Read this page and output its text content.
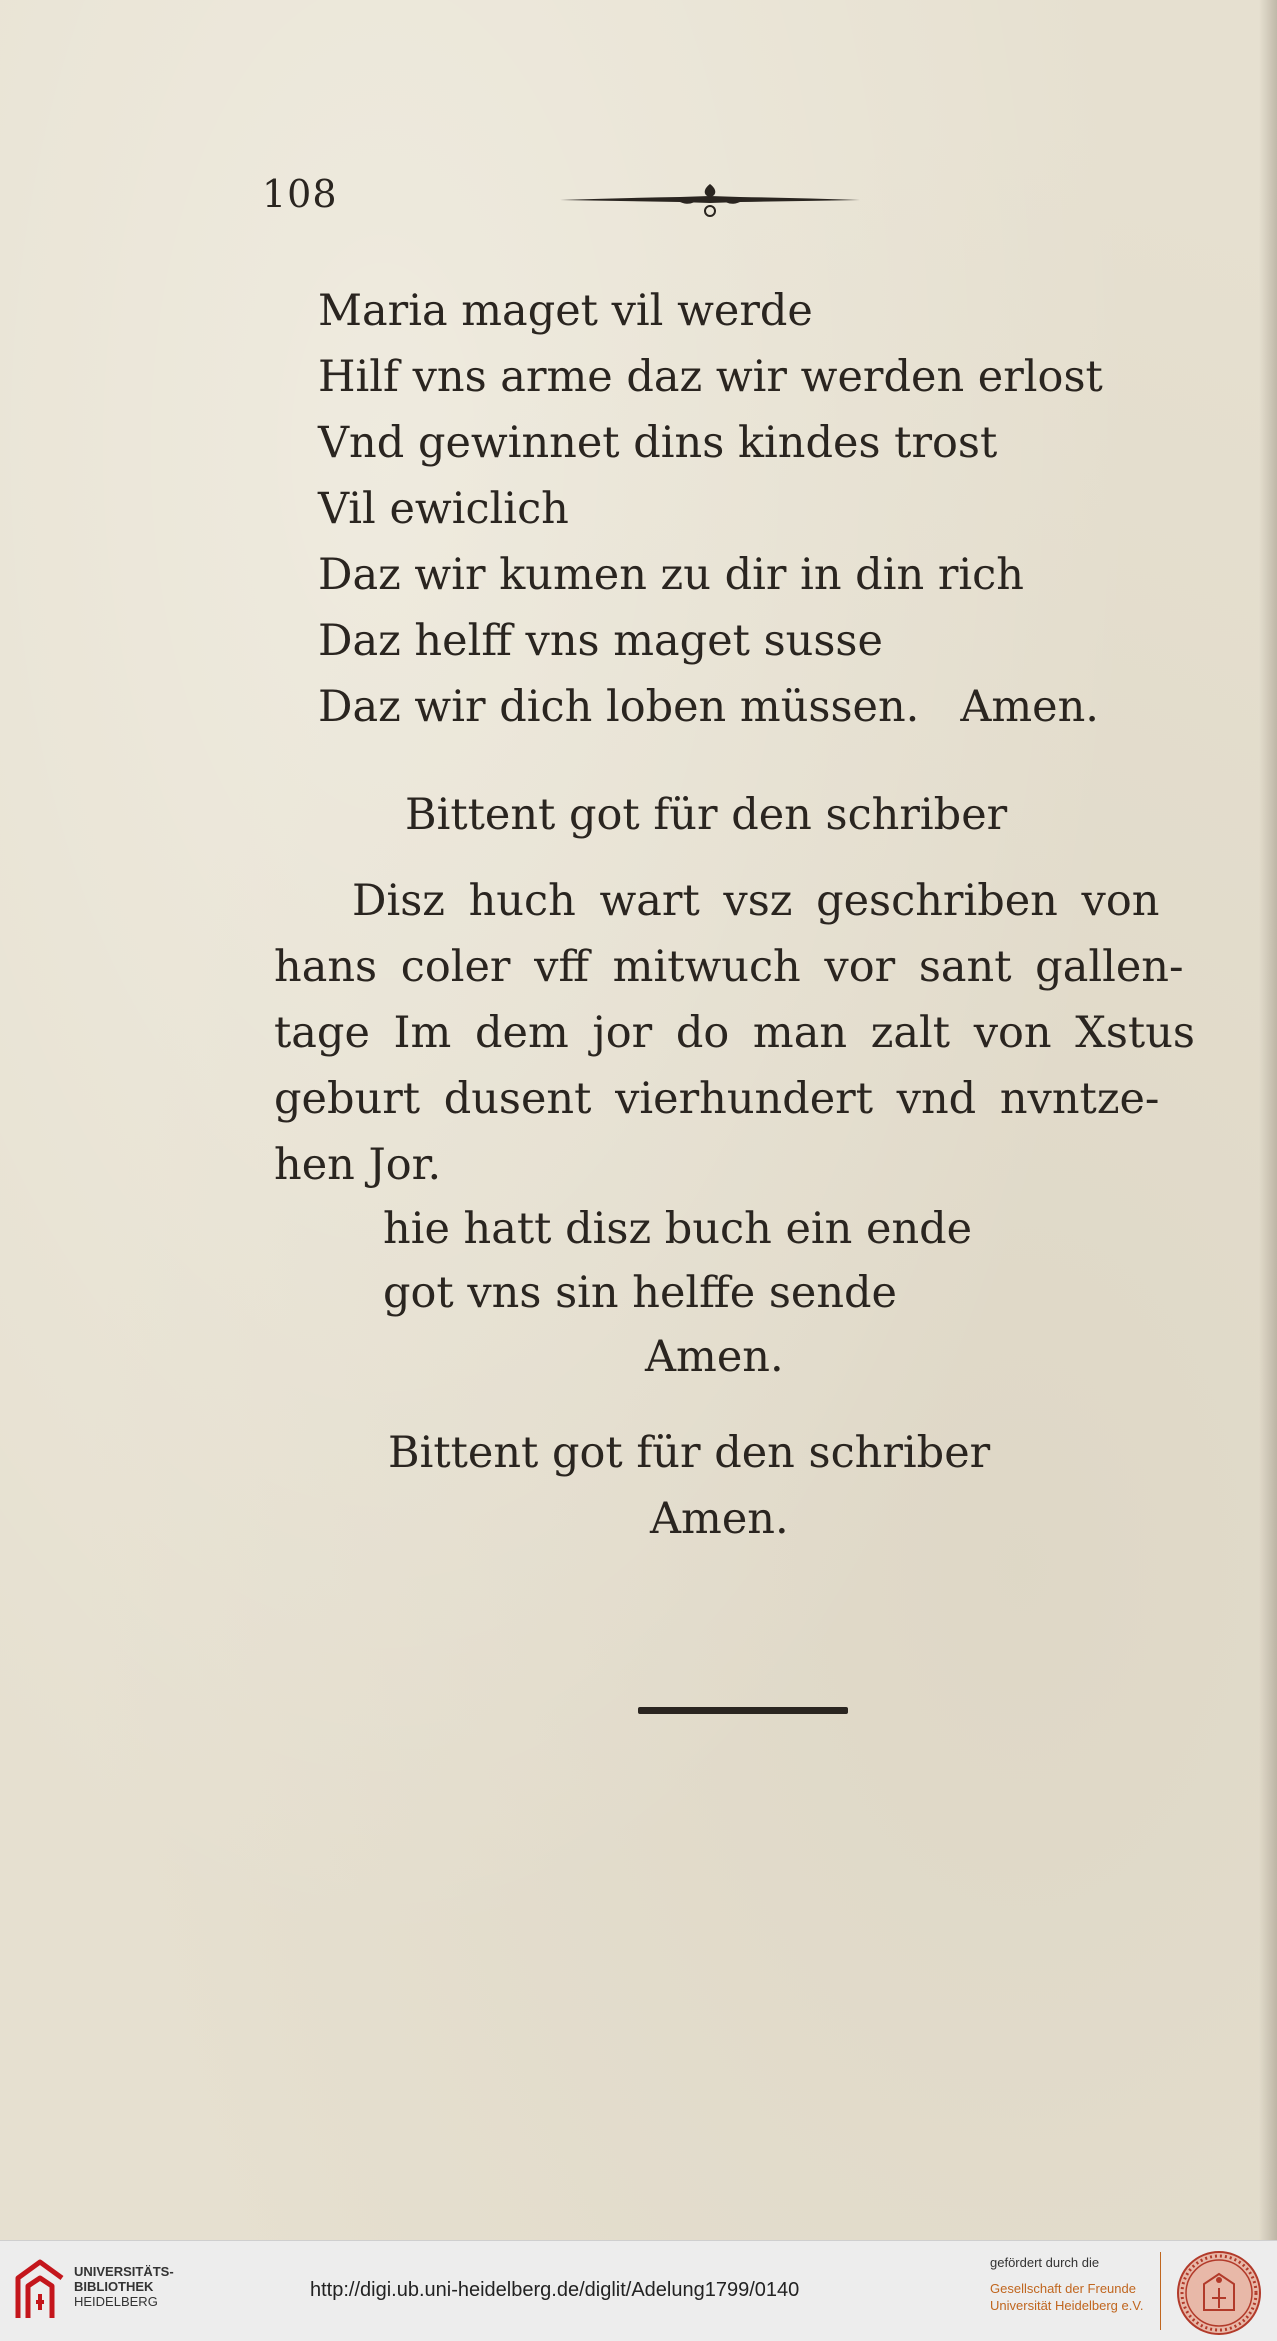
108
Maria maget vil werde
Hilf vns arme daz wir werden erlost
Vnd gewinnet dins kindes trost
Vil ewiclich
Daz wir kumen zu dir in din rich
Daz helff vns maget susse
Daz wir dich loben müssen.   Amen.
Bittent got für den schriber
Disz huch wart vsz geschriben von
hans coler vff mitwuch vor sant gallen-
tage Im dem jor do man zalt von Xstus
geburt dusent vierhundert vnd nvntze-
hen Jor.
hie hatt disz buch ein ende
got vns sin helffe sende
Amen.
Bittent got für den schriber
Amen.
UNIVERSITÄTS-
BIBLIOTHEK
HEIDELBERG
http://digi.ub.uni-heidelberg.de/diglit/Adelung1799/0140
gefördert durch die
Gesellschaft der Freunde
Universität Heidelberg e.V.
